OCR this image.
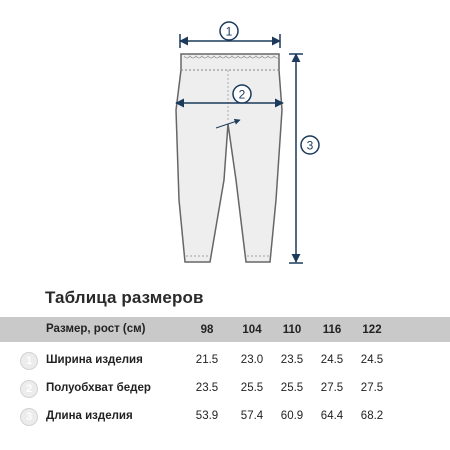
1
2
3
Таблица размеров
Размер, рост (см)	98	104	110	116	122
1	Ширина изделия	21.5	23.0	23.5	24.5	24.5
2	Полуобхват бедер	23.5	25.5	25.5	27.5	27.5
3	Длина изделия	53.9	57.4	60.9	64.4	68.2
